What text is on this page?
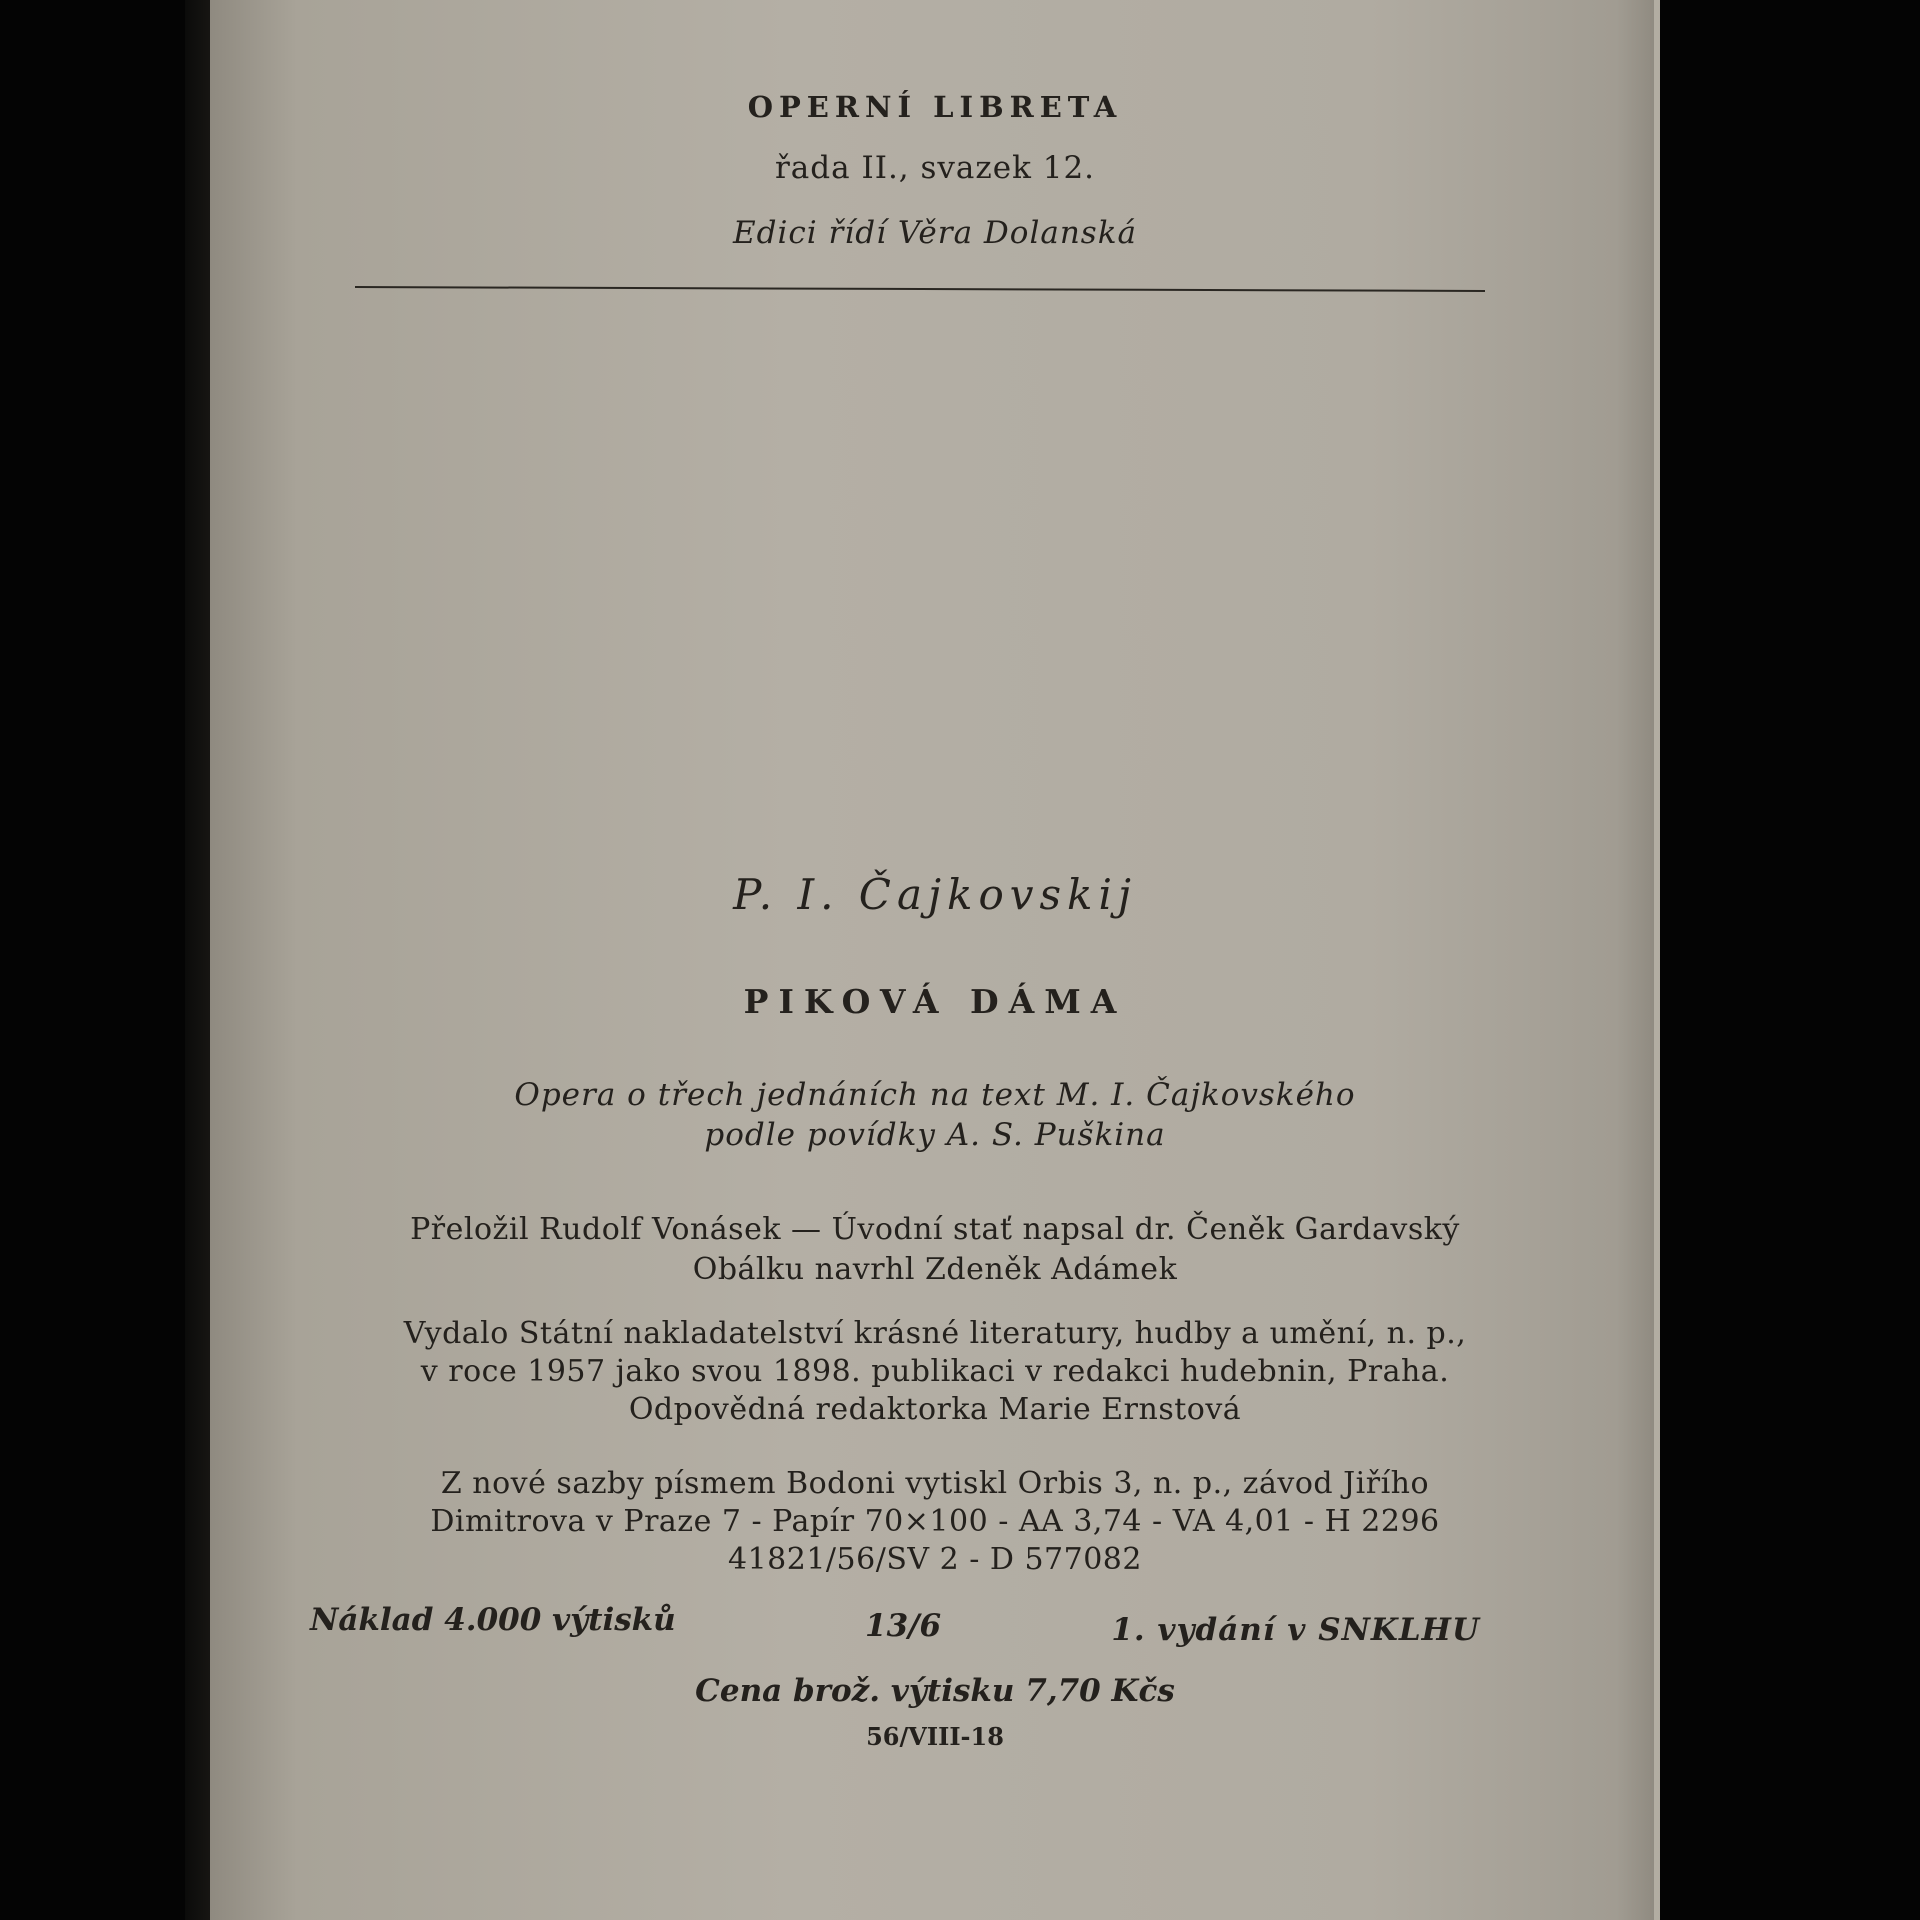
OPERNÍ LIBRETA
řada II., svazek 12.
Edici řídí Věra Dolanská
P. I. Čajkovskij
PIKOVÁ DÁMA
Opera o třech jednáních na text M. I. Čajkovského
podle povídky A. S. Puškina
Přeložil Rudolf Vonásek — Úvodní stať napsal dr. Čeněk Gardavský
Obálku navrhl Zdeněk Adámek
Vydalo Státní nakladatelství krásné literatury, hudby a umění, n. p.,
v roce 1957 jako svou 1898. publikaci v redakci hudebnin, Praha.
Odpovědná redaktorka Marie Ernstová
Z nové sazby písmem Bodoni vytiskl Orbis 3, n. p., závod Jiřího
Dimitrova v Praze 7 - Papír 70×100 - AA 3,74 - VA 4,01 - H 2296
41821/56/SV 2 - D 577082
Náklad 4.000 výtisků	13/6	1. vydání v SNKLHU
Cena brož. výtisku 7,70 Kčs
56/VIII-18
